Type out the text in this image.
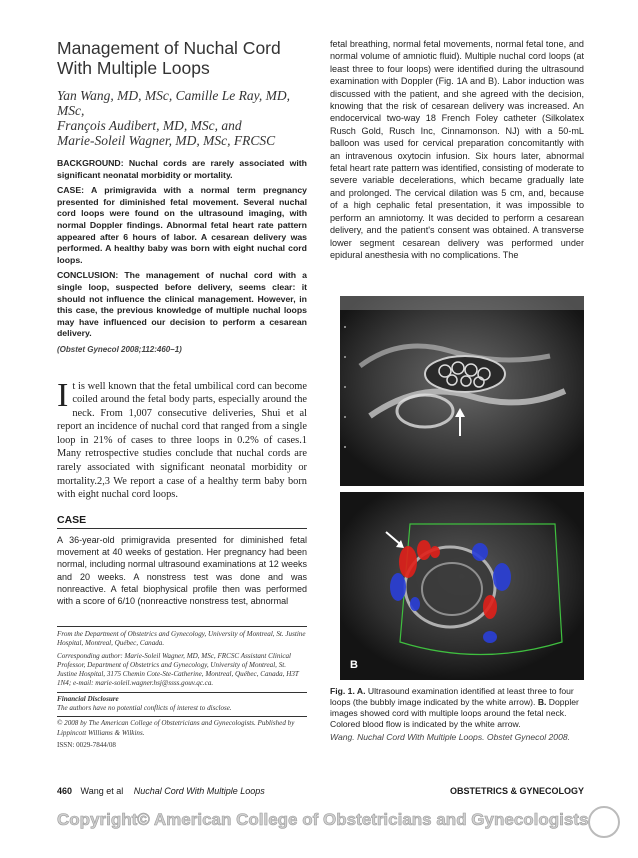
Management of Nuchal Cord
With Multiple Loops
Yan Wang, MD, MSc, Camille Le Ray, MD, MSc,
François Audibert, MD, MSc, and
Marie-Soleil Wagner, MD, MSc, FRCSC

BACKGROUND: Nuchal cords are rarely associated with significant neonatal morbidity or mortality.

CASE: A primigravida with a normal term pregnancy presented for diminished fetal movement. Several nuchal cord loops were found on the ultrasound imaging, with normal Doppler findings. Abnormal fetal heart rate pattern appeared after 6 hours of labor. A cesarean delivery was performed. A healthy baby was born with eight nuchal cord loops.

CONCLUSION: The management of nuchal cord with a single loop, suspected before delivery, seems clear: it should not influence the clinical management. However, in this case, the previous knowledge of multiple nuchal loops may have influenced our decision to perform a cesarean delivery.

(Obstet Gynecol 2008;112:460–1)
I t is well known that the fetal umbilical cord can become coiled around the fetal body parts, especially around the neck. From 1,007 consecutive deliveries, Shui et al report an incidence of nuchal cord that ranged from a single loop in 21% of cases to three loops in 0.2% of cases.1 Many retrospective studies conclude that nuchal cords are rarely associated with significant neonatal morbidity or mortality.2,3 We report a case of a healthy term baby born with eight nuchal cord loops.
CASE
A 36-year-old primigravida presented for diminished fetal movement at 40 weeks of gestation. Her pregnancy had been normal, including normal ultrasound examinations at 12 weeks and 20 weeks. A nonstress test was done and was nonreactive. A fetal biophysical profile then was performed with a score of 6/10 (nonreactive nonstress test, abnormal

From the Department of Obstetrics and Gynecology, University of Montreal, St. Justine Hospital, Montreal, Québec, Canada.

Corresponding author: Marie-Soleil Wagner, MD, MSc, FRCSC Assistant Clinical Professor, Department of Obstetrics and Gynecology, University of Montreal, St. Justine Hospital, 3175 Chemin Cote-Ste-Catherine, Montreal, Québec, Canada, H3T 1N4; e-mail: marie-soleil.wagner.hsj@ssss.gouv.qc.ca.

Financial Disclosure

The authors have no potential conflicts of interest to disclose.

© 2008 by The American College of Obstetricians and Gynecologists. Published by Lippincott Williams & Wilkins.

ISSN: 0029-7844/08
fetal breathing, normal fetal movements, normal fetal tone, and normal volume of amniotic fluid). Multiple nuchal cord loops (at least three to four loops) were identified during the ultrasound examination with Doppler (Fig. 1A and B). Labor induction was discussed with the patient, and she agreed with the decision, knowing that the risk of cesarean delivery was increased. An endocervical two-way 18 French Foley catheter (Silkolatex Rusch Gold, Rusch Inc, Cinnamonson. NJ) with a 50-mL balloon was used for cervical preparation concomitantly with an intravenous oxytocin infusion. Six hours later, abnormal fetal heart rate pattern was identified, consisting of moderate to severe variable decelerations, which became gradually late and prolonged. The cervical dilation was 5 cm, and, because of a high cephalic fetal presentation, it was impossible to perform an amniotomy. It was decided to perform a cesarean delivery, and the patient's consent was obtained. A transverse lower segment cesarean delivery was performed under epidural anesthesia with no complications. The
B
Fig. 1. A. Ultrasound examination identified at least three to four loops (the bubbly image indicated by the white arrow). B. Doppler images showed cord with multiple loops around the fetal neck. Colored blood flow is indicated by the white arrow.
Wang. Nuchal Cord With Multiple Loops. Obstet Gynecol 2008.
460 Wang et al Nuchal Cord With Multiple Loops	OBSTETRICS & GYNECOLOGY
Copyright© American College of Obstetricians and Gynecologists
